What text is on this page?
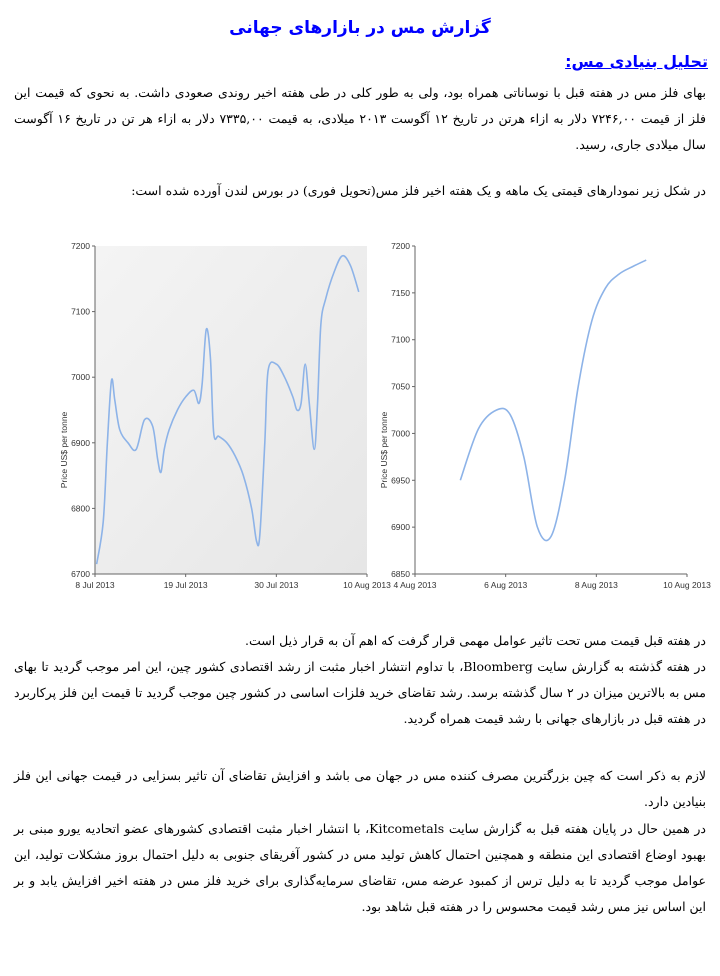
گزارش مس در بازارهای جهانی
تحلیل بنیادی مس:

بهای فلز مس در هفته قبل با نوساناتی همراه بود، ولی به طور کلی در طی هفته اخیر روندی صعودی داشت. به نحوی که قیمت این فلز از قیمت ۷۲۴۶,۰۰ دلار به ازاء هرتن در تاریخ ۱۲ آگوست ۲۰۱۳ میلادی، به قیمت ۷۳۳۵,۰۰ دلار به ازاء هر تن در تاریخ ۱۶ آگوست سال میلادی جاری، رسید.

در شکل زیر نمودارهای قیمتی یک ماهه و یک هفته اخیر فلز مس(تحویل فوری) در بورس لندن آورده شده است:

6700
6800
6900
7000
7100
7200
8 Jul 2013	19 Jul 2013	30 Jul 2013	10 Aug 2013
Price US$ per tonne
6850
6900
6950
7000
7050
7100
7150
7200
4 Aug 2013	6 Aug 2013	8 Aug 2013	10 Aug 2013
Price US$ per tonne

در هفته قبل قیمت مس تحت تاثیر عوامل مهمی قرار گرفت که اهم آن به قرار ذیل است.

در هفته گذشته به گزارش سایت Bloomberg، با تداوم انتشار اخبار مثبت از رشد اقتصادی کشور چین، این امر موجب گردید تا بهای مس به بالاترین میزان در ۲ سال گذشته برسد. رشد تقاضای خرید فلزات اساسی در کشور چین موجب گردید تا قیمت این فلز پرکاربرد در هفته قبل در بازارهای جهانی با رشد قیمت همراه گردید.

لازم به ذکر است که چین بزرگترین مصرف کننده مس در جهان می باشد و افزایش تقاضای آن تاثیر بسزایی در قیمت جهانی این فلز بنیادین دارد.

در همین حال در پایان هفته قبل به گزارش سایت Kitcometals، با انتشار اخبار مثبت اقتصادی کشورهای عضو اتحادیه یورو مبنی بر بهبود اوضاع اقتصادی این منطقه و همچنین احتمال کاهش تولید مس در کشور آفریقای جنوبی به دلیل احتمال بروز مشکلات تولید، این عوامل موجب گردید تا به دلیل ترس از کمبود عرضه مس، تقاضای سرمایه‌گذاری برای خرید فلز مس در هفته اخیر افزایش یابد و بر این اساس نیز مس رشد قیمت محسوس را در هفته قبل شاهد بود.
